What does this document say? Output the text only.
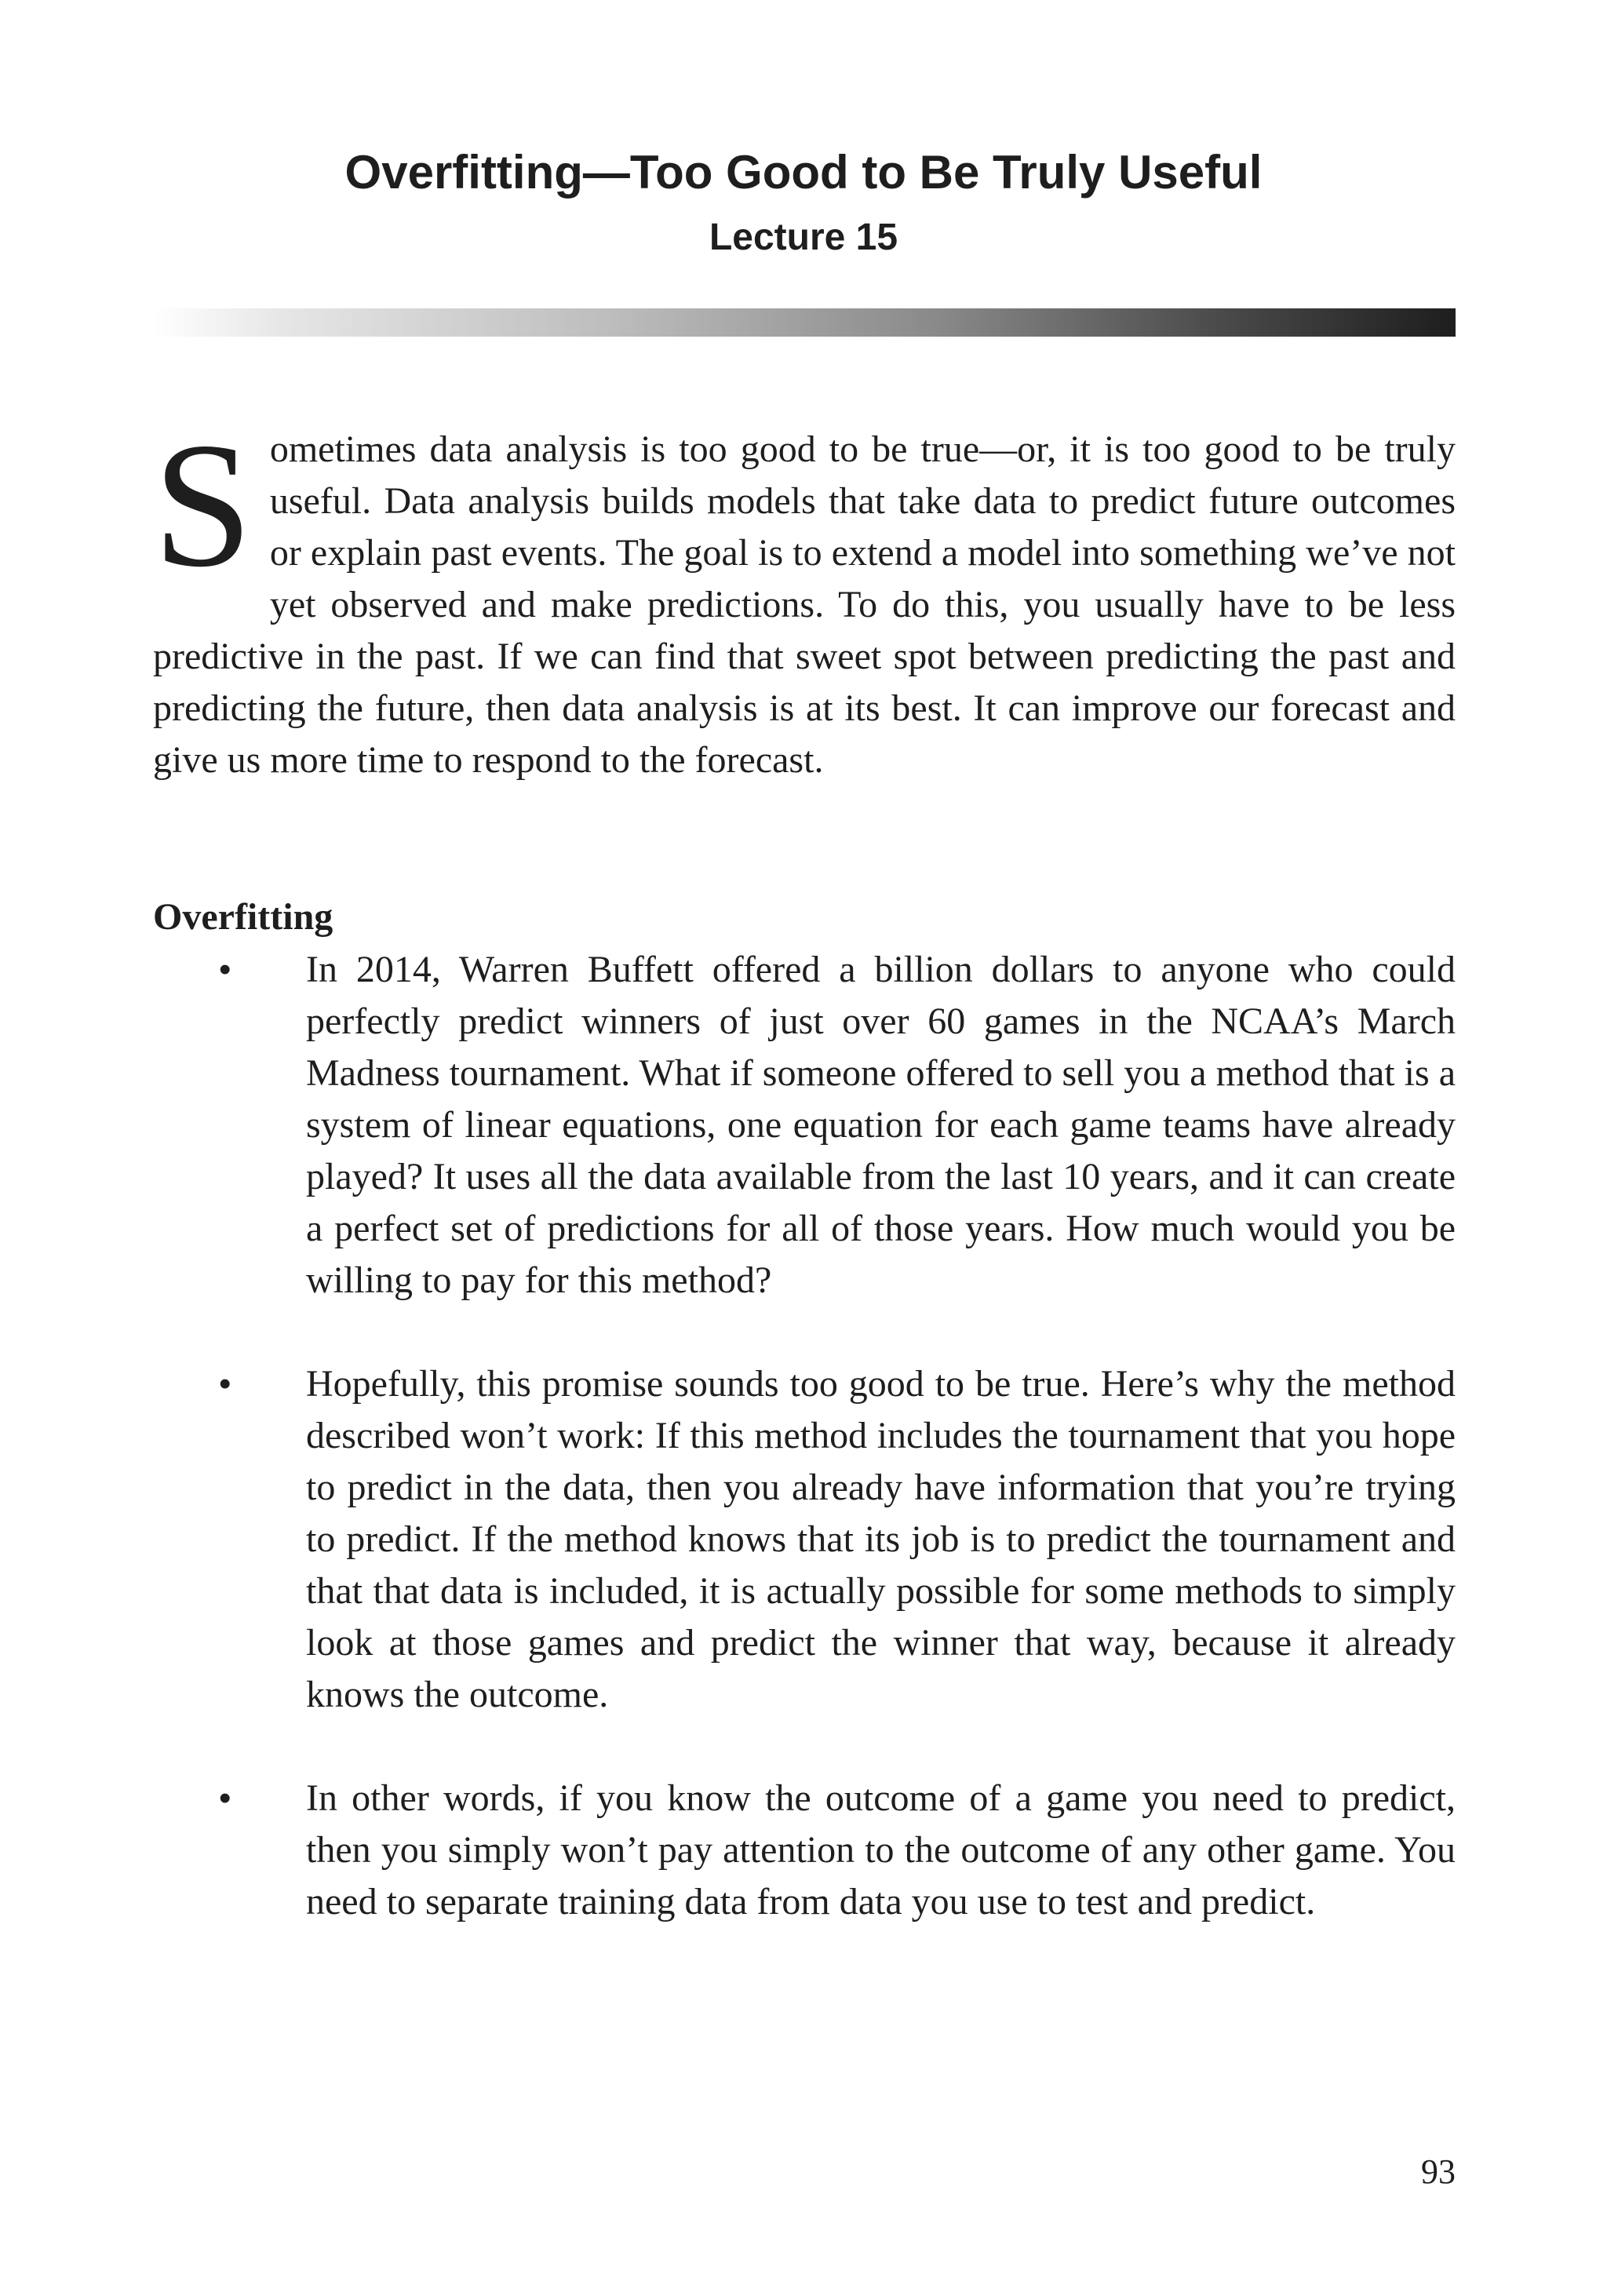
Overfitting—Too Good to Be Truly Useful
Lecture 15

Sometimes data analysis is too good to be true—or, it is too good to be truly useful. Data analysis builds models that take data to predict future outcomes or explain past events. The goal is to extend a model into something we’ve not yet observed and make predictions. To do this, you usually have to be less predictive in the past. If we can find that sweet spot between predicting the past and predicting the future, then data analysis is at its best. It can improve our forecast and give us more time to respond to the forecast.

Overfitting
• In 2014, Warren Buffett offered a billion dollars to anyone who could perfectly predict winners of just over 60 games in the NCAA’s March Madness tournament. What if someone offered to sell you a method that is a system of linear equations, one equation for each game teams have already played? It uses all the data available from the last 10 years, and it can create a perfect set of predictions for all of those years. How much would you be willing to pay for this method?
• Hopefully, this promise sounds too good to be true. Here’s why the method described won’t work: If this method includes the tournament that you hope to predict in the data, then you already have information that you’re trying to predict. If the method knows that its job is to predict the tournament and that that data is included, it is actually possible for some methods to simply look at those games and predict the winner that way, because it already knows the outcome.
• In other words, if you know the outcome of a game you need to predict, then you simply won’t pay attention to the outcome of any other game. You need to separate training data from data you use to test and predict.
93
